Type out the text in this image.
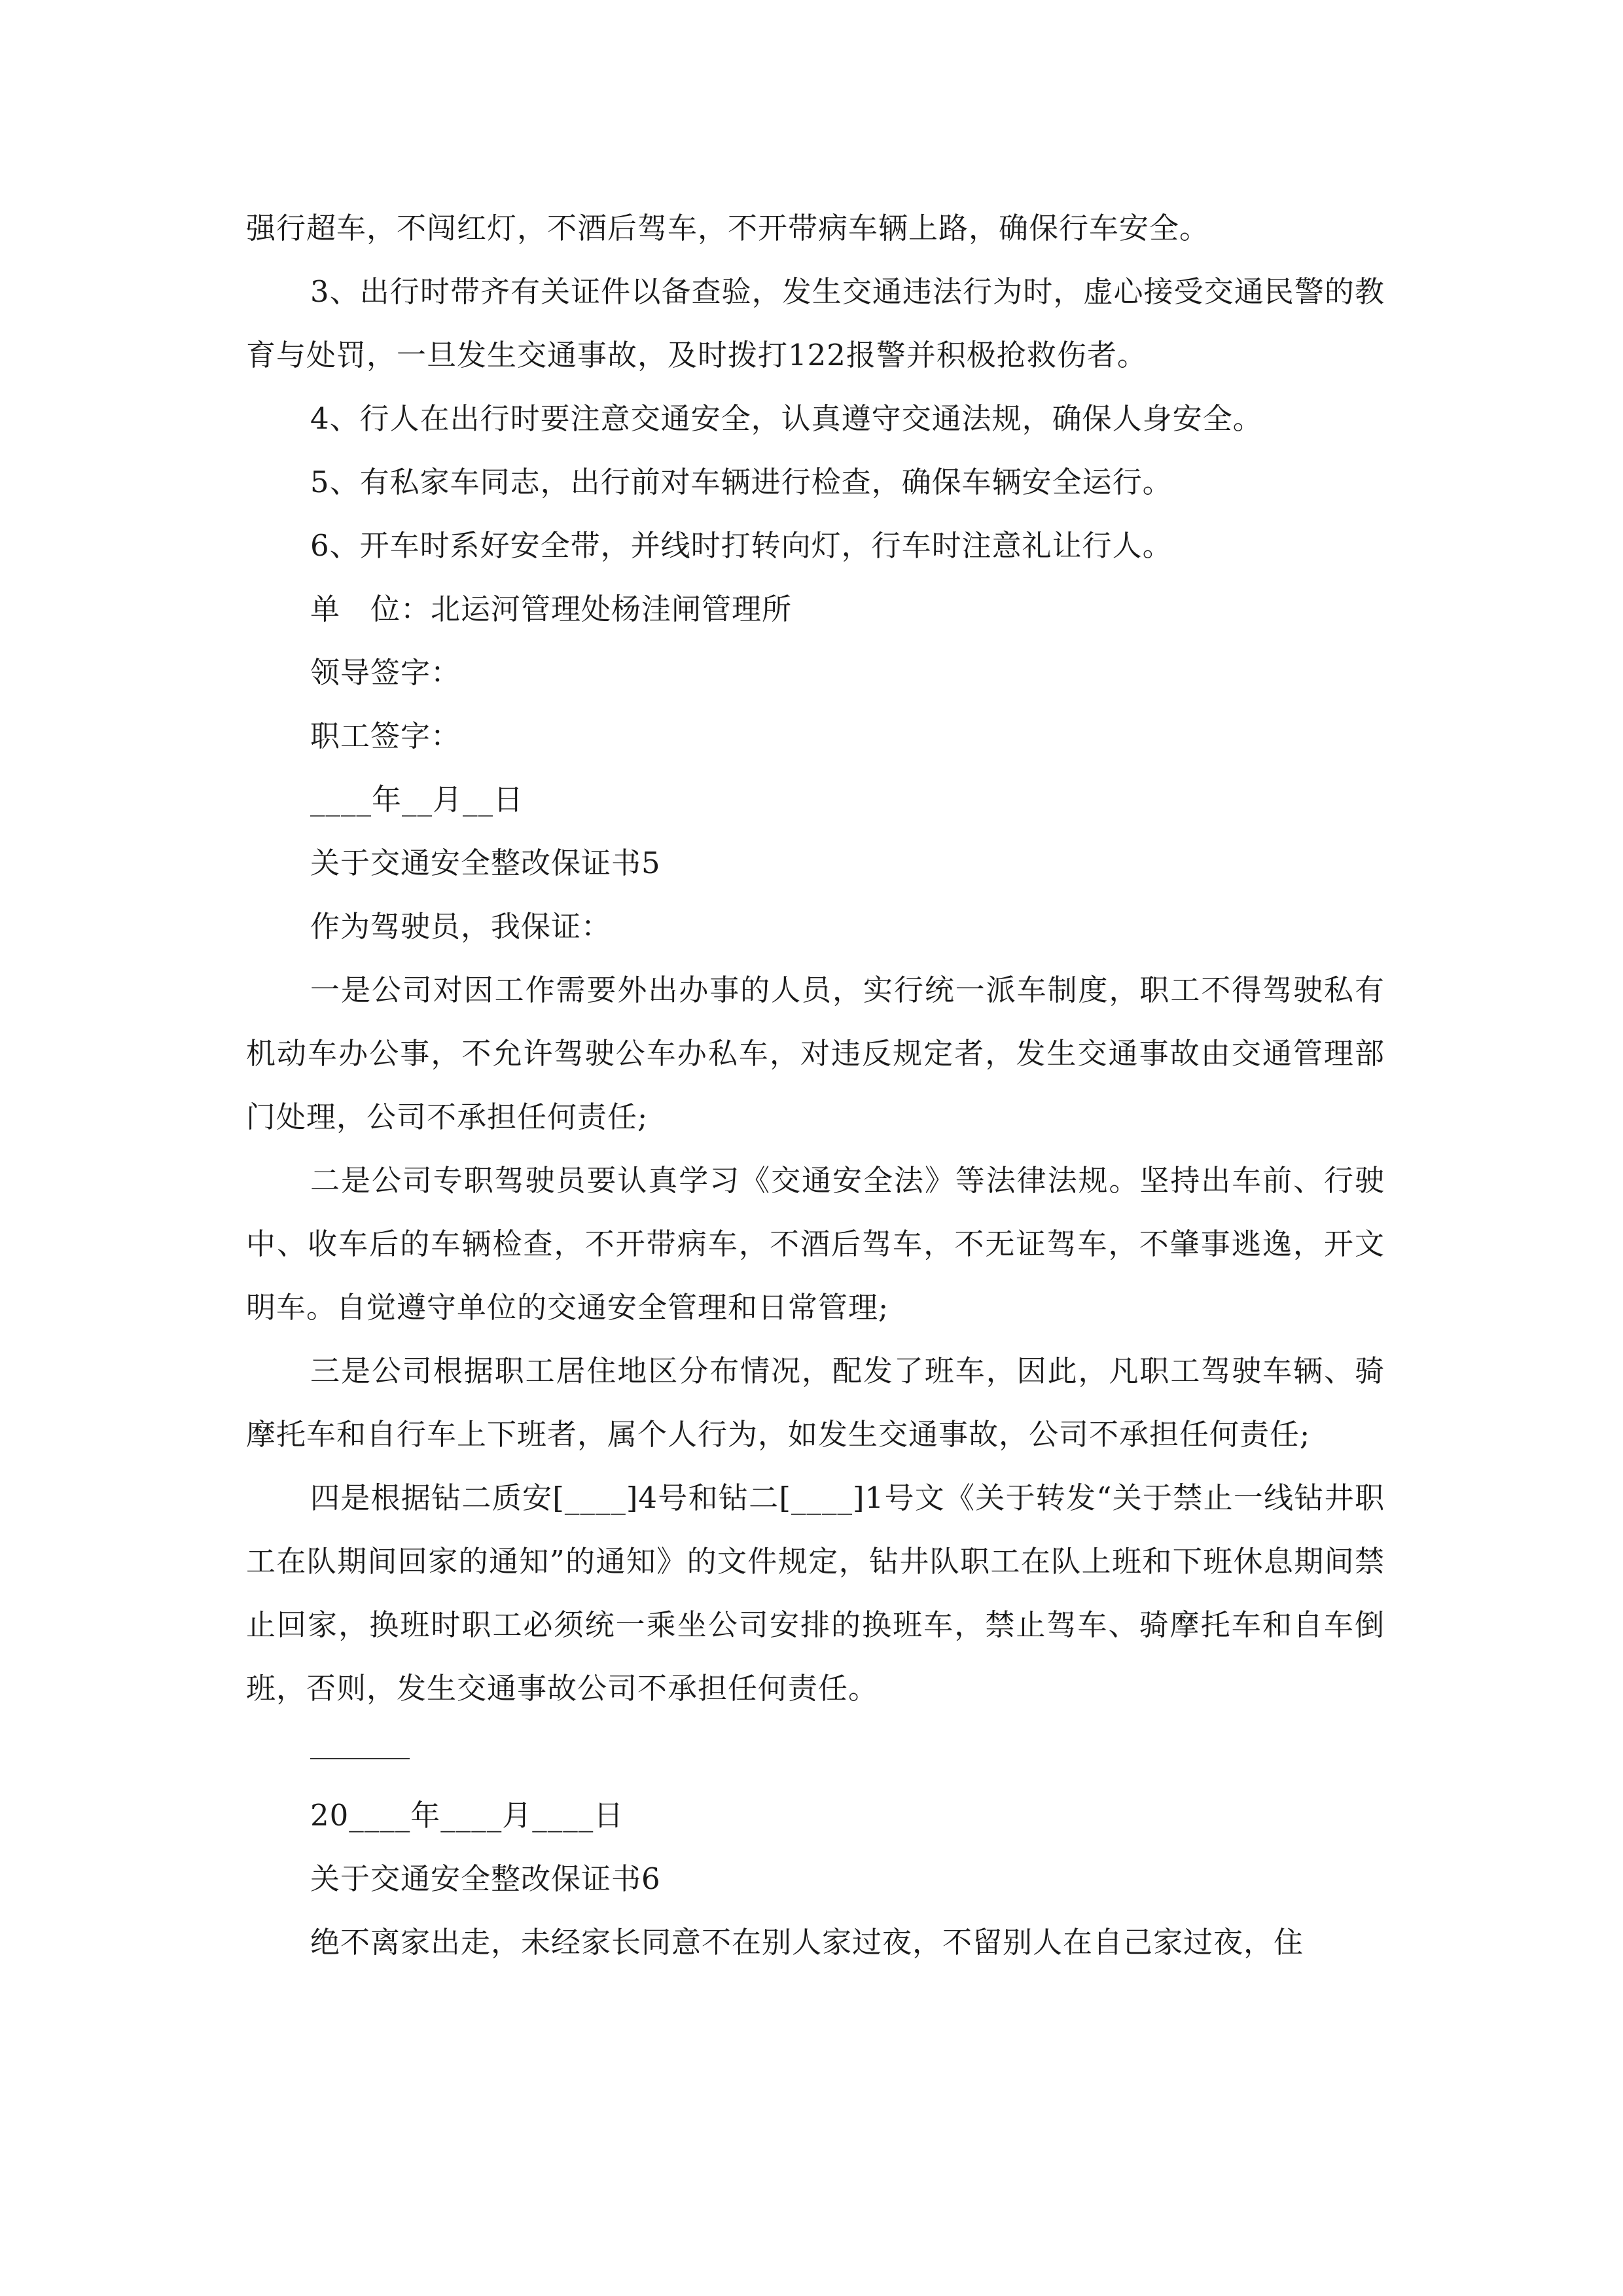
强行超车，不闯红灯，不酒后驾车，不开带病车辆上路，确保行车安全。

3、出行时带齐有关证件以备查验，发生交通违法行为时，虚心接受交通民警的教育与处罚，一旦发生交通事故，及时拨打122报警并积极抢救伤者。

4、行人在出行时要注意交通安全，认真遵守交通法规，确保人身安全。

5、有私家车同志，出行前对车辆进行检查，确保车辆安全运行。

6、开车时系好安全带，并线时打转向灯，行车时注意礼让行人。

单　位：北运河管理处杨洼闸管理所

领导签字：

职工签字：

____年__月__日

关于交通安全整改保证书5

作为驾驶员，我保证：

一是公司对因工作需要外出办事的人员，实行统一派车制度，职工不得驾驶私有机动车办公事，不允许驾驶公车办私车，对违反规定者，发生交通事故由交通管理部门处理，公司不承担任何责任;

二是公司专职驾驶员要认真学习《交通安全法》等法律法规。坚持出车前、行驶中、收车后的车辆检查，不开带病车，不酒后驾车，不无证驾车，不肇事逃逸，开文明车。自觉遵守单位的交通安全管理和日常管理;

三是公司根据职工居住地区分布情况，配发了班车，因此，凡职工驾驶车辆、骑摩托车和自行车上下班者，属个人行为，如发生交通事故，公司不承担任何责任;

四是根据钻二质安[____]4号和钻二[____]1号文《关于转发“关于禁止一线钻井职工在队期间回家的通知”的通知》的文件规定，钻井队职工在队上班和下班休息期间禁止回家，换班时职工必须统一乘坐公司安排的换班车，禁止驾车、骑摩托车和自车倒班，否则，发生交通事故公司不承担任何责任。

20____年____月____日

关于交通安全整改保证书6

绝不离家出走，未经家长同意不在别人家过夜，不留别人在自己家过夜，住
